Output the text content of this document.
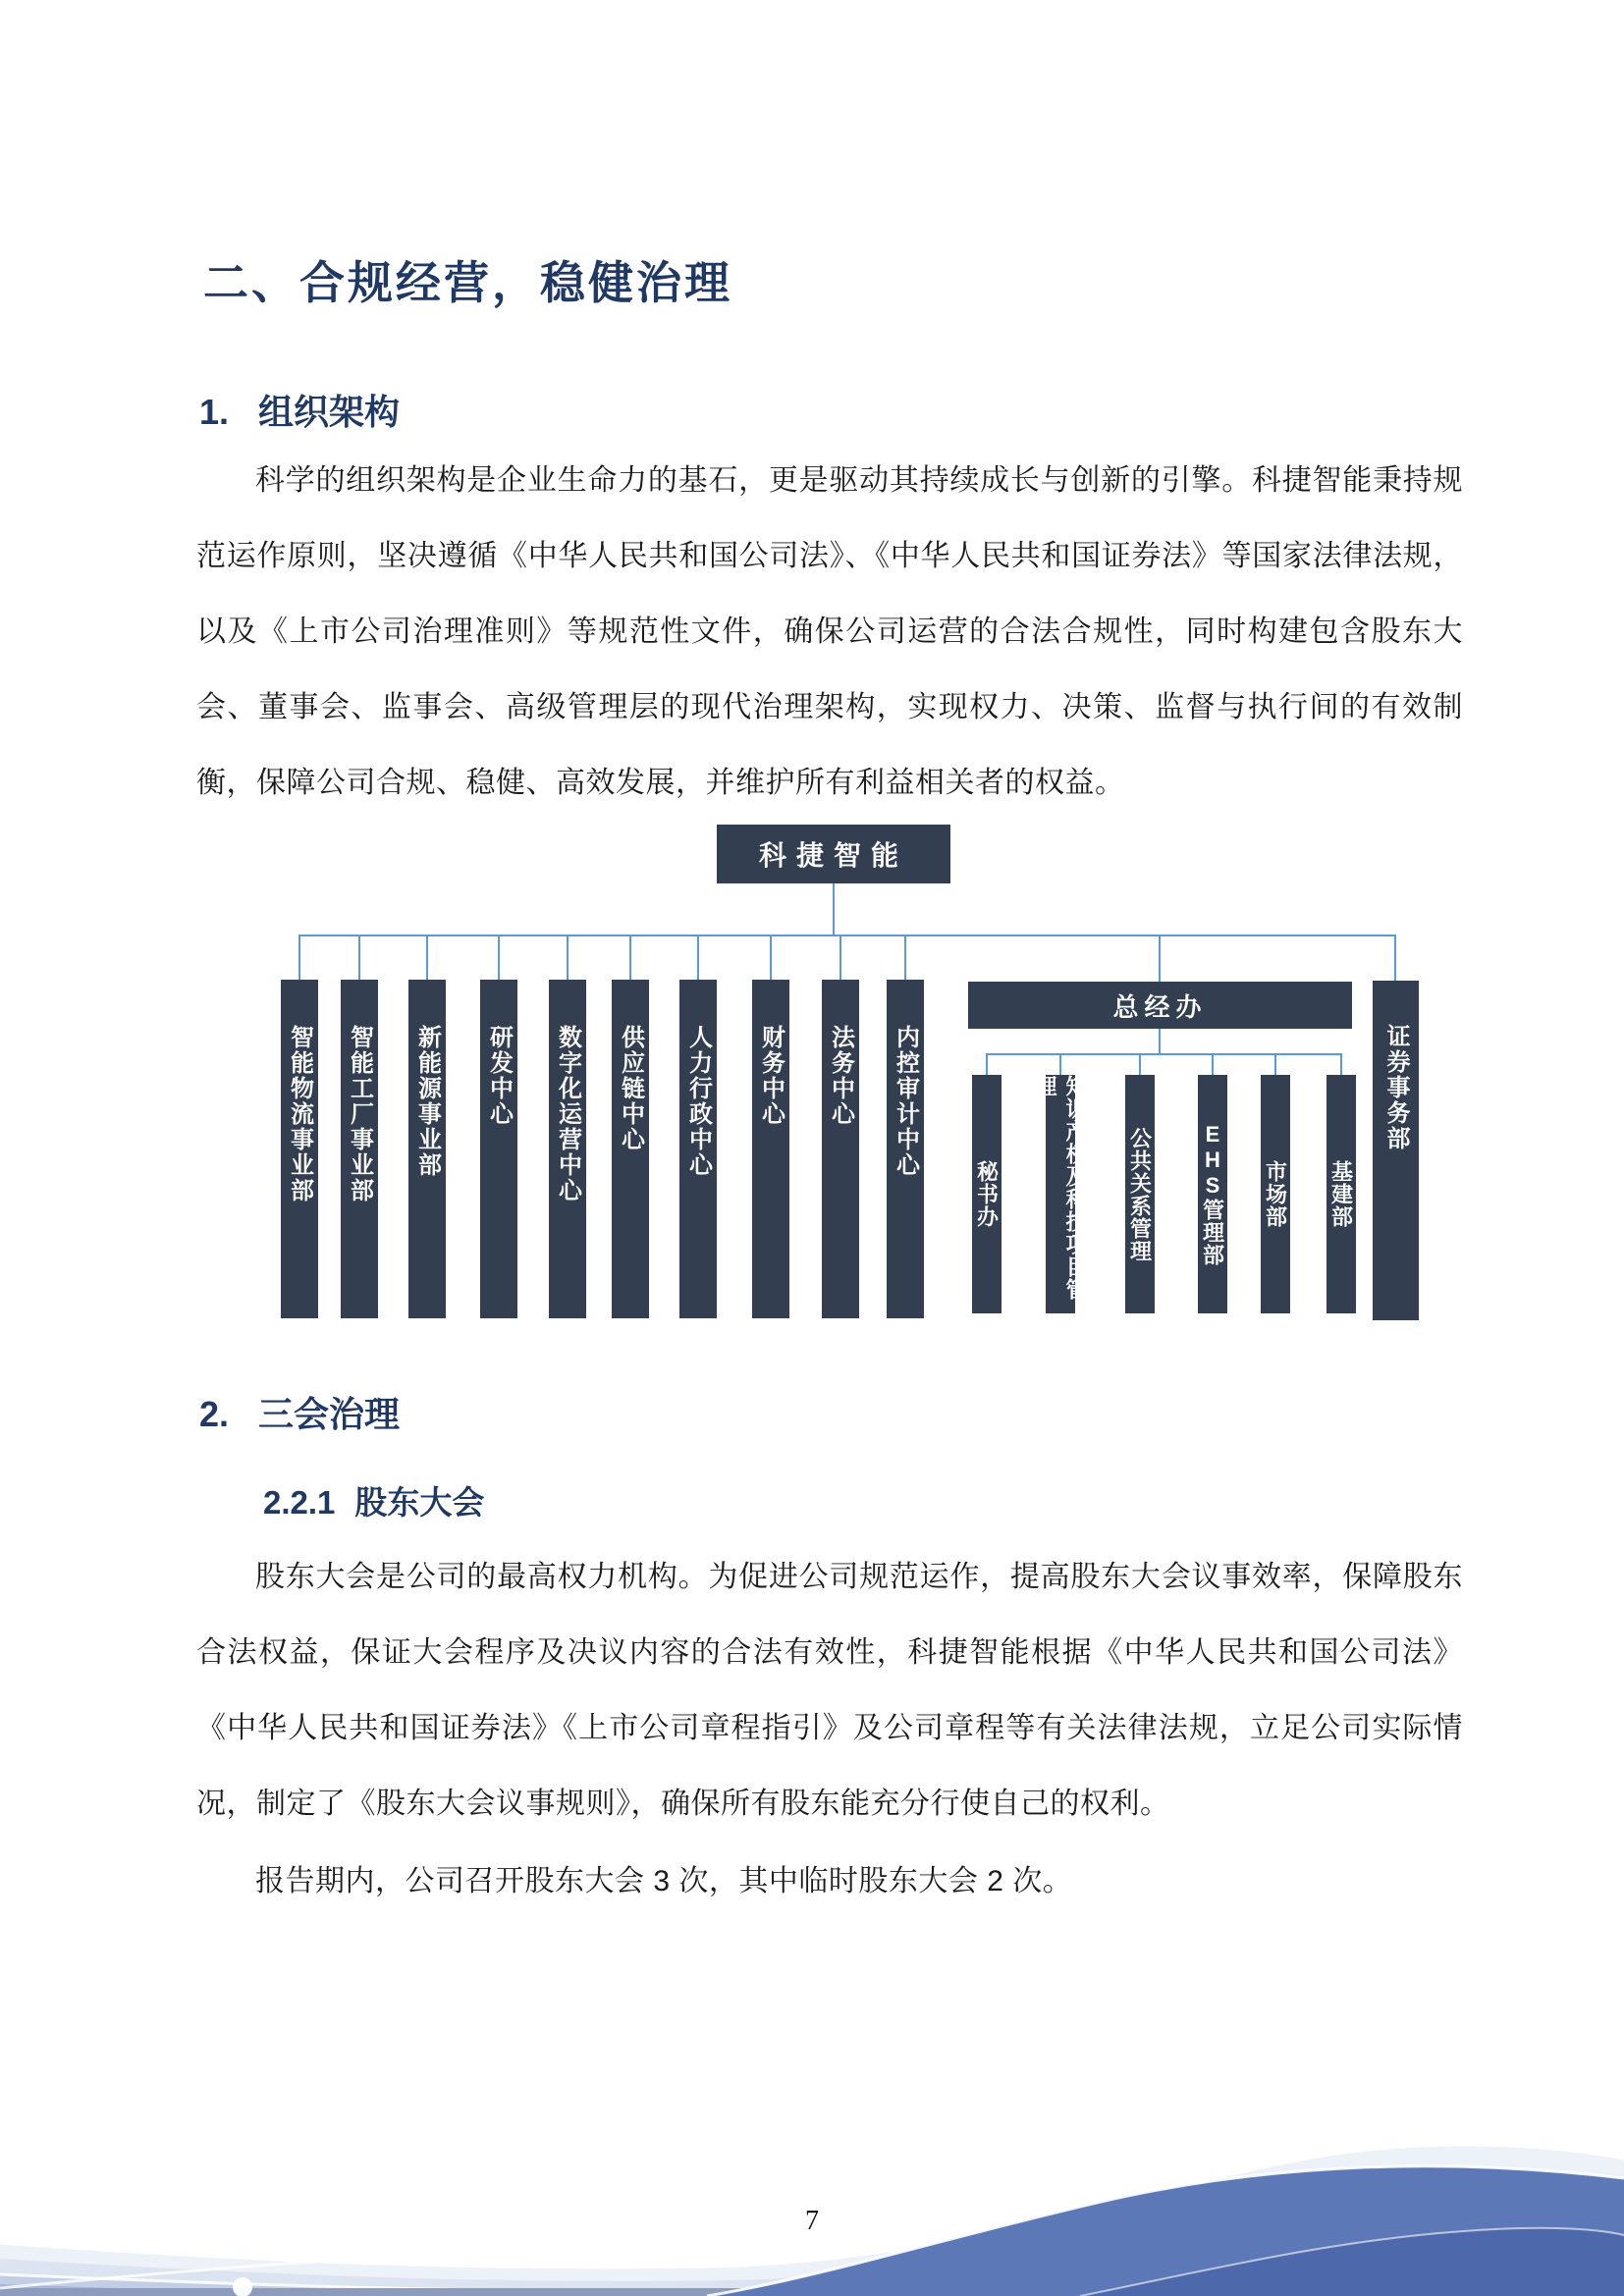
二、合规经营，稳健治理
1. 组织架构
科学的组织架构是企业生命力的基石，更是驱动其持续成长与创新的引擎。科捷智能秉持规范运作原则，坚决遵循《中华人民共和国公司法》、《中华人民共和国证券法》等国家法律法规，以及《上市公司治理准则》等规范性文件，确保公司运营的合法合规性，同时构建包含股东大会、董事会、监事会、高级管理层的现代治理架构，实现权力、决策、监督与执行间的有效制衡，保障公司合规、稳健、高效发展，并维护所有利益相关者的权益。
科捷智能
智能物流事业部 智能工厂事业部 新能源事业部 研发中心 数字化运营中心 供应链中心 人力行政中心 财务中心 法务中心 内控审计中心
总经办
秘书办	知识产权及科技项目管理
公共关系管理 EHS管理部 市场部 基建部
证券事务部
2. 三会治理
2.2.1 股东大会
股东大会是公司的最高权力机构。为促进公司规范运作，提高股东大会议事效率，保障股东合法权益，保证大会程序及决议内容的合法有效性，科捷智能根据《中华人民共和国公司法》《中华人民共和国证券法》《上市公司章程指引》及公司章程等有关法律法规，立足公司实际情况，制定了《股东大会议事规则》，确保所有股东能充分行使自己的权利。
报告期内，公司召开股东大会 3 次，其中临时股东大会 2 次。
7
